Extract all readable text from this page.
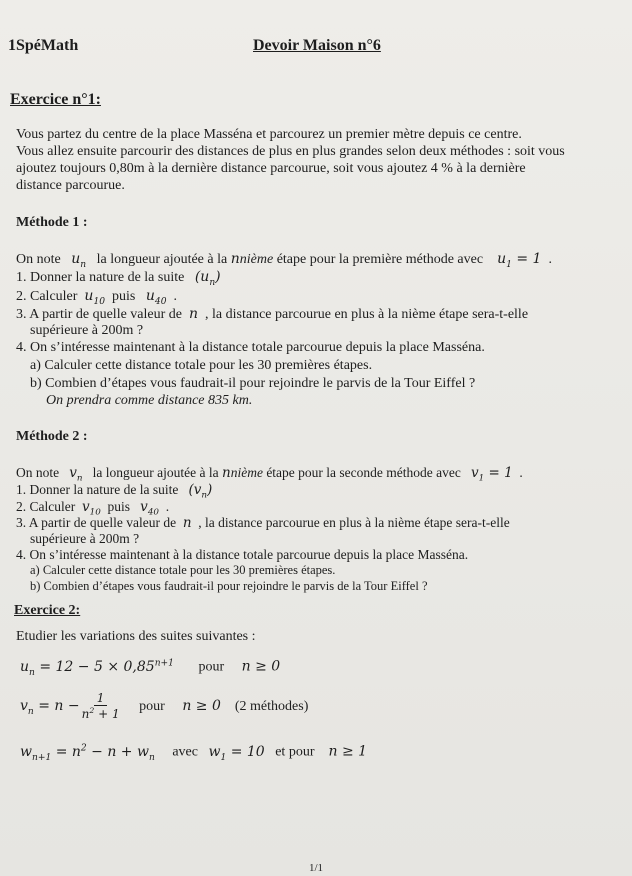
1SpéMath	Devoir Maison n°6
Exercice n°1:
Vous partez du centre de la place Masséna et parcourez un premier mètre depuis ce centre.
Vous allez ensuite parcourir des distances de plus en plus grandes selon deux méthodes : soit vous
ajoutez toujours 0,80m à la dernière distance parcourue, soit vous ajoutez 4 % à la dernière
distance parcourue.
Méthode 1 :
On note $u_n$ la longueur ajoutée à la nnième étape pour la première méthode avec $u_1 = 1$  .
1. Donner la nature de la suite $(u_n)$
2. Calculer $u_{10}$ puis $u_{40}$  .
3. A partir de quelle valeur de n , la distance parcourue en plus à la nième étape sera-t-elle
supérieure à 200m ?
4. On s’intéresse maintenant à la distance totale parcourue depuis la place Masséna.
a) Calculer cette distance totale pour les 30 premières étapes.
b) Combien d’étapes vous faudrait-il pour rejoindre le parvis de la Tour Eiffel ?
On prendra comme distance 835 km.
Méthode 2 :
On note $v_n$ la longueur ajoutée à la nnième étape pour la seconde méthode avec $v_1 = 1$  .
1. Donner la nature de la suite $(v_n)$
2. Calculer $v_{10}$ puis $v_{40}$  .
3. A partir de quelle valeur de n , la distance parcourue en plus à la nième étape sera-t-elle
supérieure à 200m ?
4. On s’intéresse maintenant à la distance totale parcourue depuis la place Masséna.
a) Calculer cette distance totale pour les 30 premières étapes.
b) Combien d’étapes vous faudrait-il pour rejoindre le parvis de la Tour Eiffel ?
Exercice 2:
Etudier les variations des suites suivantes :
$u_n = 12 - 5 \times 0,85^{n+1}$ pour n ≥ 0
$v_n = n - \frac{1}{n^2 + 1}$ pour n ≥ 0 (2 méthodes)
$w_{n+1} = n^2 - n + w_n$ avec $w_1 = 10$ et pour n ≥ 1
1/1
